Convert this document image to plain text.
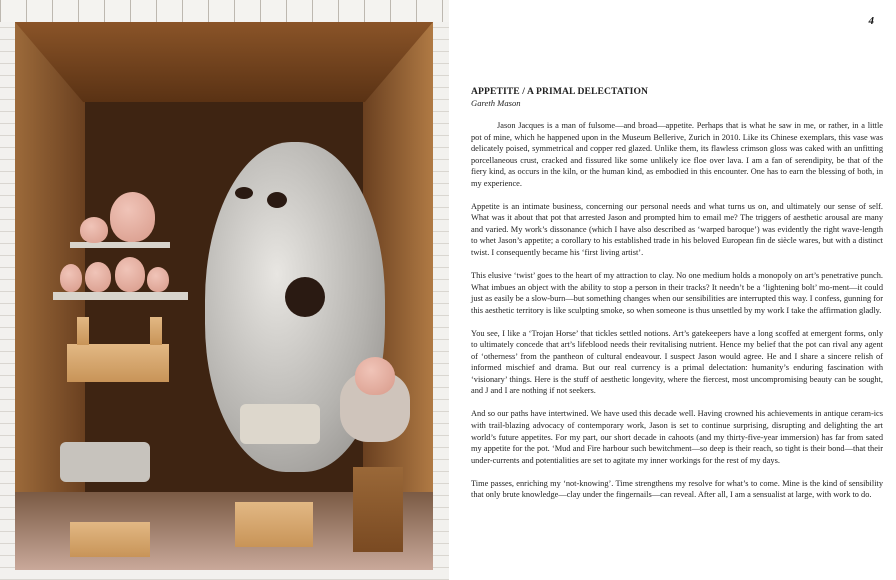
4
APPETITE / A PRIMAL DELECTATION
Gareth Mason

Jason Jacques is a man of fulsome—and broad—appetite. Perhaps that is what he saw in me, or rather, in a little pot of mine, which he happened upon in the Museum Bellerive, Zurich in 2010. Like its Chinese exemplars, this vase was delicately poised, symmetrical and copper red glazed. Unlike them, its flawless crimson gloss was caked with an unfitting porcellaneous crust, cracked and fissured like some unlikely ice floe over lava. I am a fan of serendipity, be that of the fiery kind, as occurs in the kiln, or the human kind, as embodied in this encounter. One has to earn the blessing of both, in my experience.

Appetite is an intimate business, concerning our personal needs and what turns us on, and ultimately our sense of self. What was it about that pot that arrested Jason and prompted him to email me? The triggers of aesthetic arousal are many and varied. My work’s dissonance (which I have also described as ‘warped baroque’) was evidently the right wave-length to whet Jason’s appetite; a corollary to his established trade in his beloved European fin de siècle wares, but with a distinct twist. I consequently became his ‘first living artist’.

This elusive ‘twist’ goes to the heart of my attraction to clay. No one medium holds a monopoly on art’s penetrative punch. What imbues an object with the ability to stop a person in their tracks? It needn’t be a ‘lightening bolt’ mo-ment—it could just as easily be a slow-burn—but something changes when our sensibilities are interrupted this way. I confess, gunning for this aesthetic territory is like sculpting smoke, so when someone is thus unsettled by my work I take the affirmation gladly.

You see, I like a ‘Trojan Horse’ that tickles settled notions. Art’s gatekeepers have a long scoffed at emergent forms, only to ultimately concede that art’s lifeblood needs their revitalising nutrient. Hence my belief that the pot can rival any agent of ‘otherness’ from the pantheon of cultural endeavour. I suspect Jason would agree. He and I share a sincere relish of informed mischief and drama. But our real currency is a primal delectation: humanity’s enduring fascination with ‘visionary’ things. Here is the stuff of aesthetic longevity, where the fiercest, most uncompromising beauty can be sought, and J and I are nothing if not seekers.

And so our paths have intertwined. We have used this decade well. Having crowned his achievements in antique ceram-ics with trail-blazing advocacy of contemporary work, Jason is set to continue surprising, disrupting and delighting the art world’s future appetites. For my part, our short decade in cahoots (and my thirty-five-year immersion) has far from sated my appetite for the pot. ‘Mud and Fire harbour such bewitchment—so deep is their reach, so tight is their bond—that their under-currents and potentialities are set to agitate my inner workings for the rest of my days.

Time passes, enriching my ‘not-knowing’. Time strengthens my resolve for what’s to come. Mine is the kind of sensibility that only brute knowledge—clay under the fingernails—can reveal. After all, I am a sensualist at large, with work to do.
